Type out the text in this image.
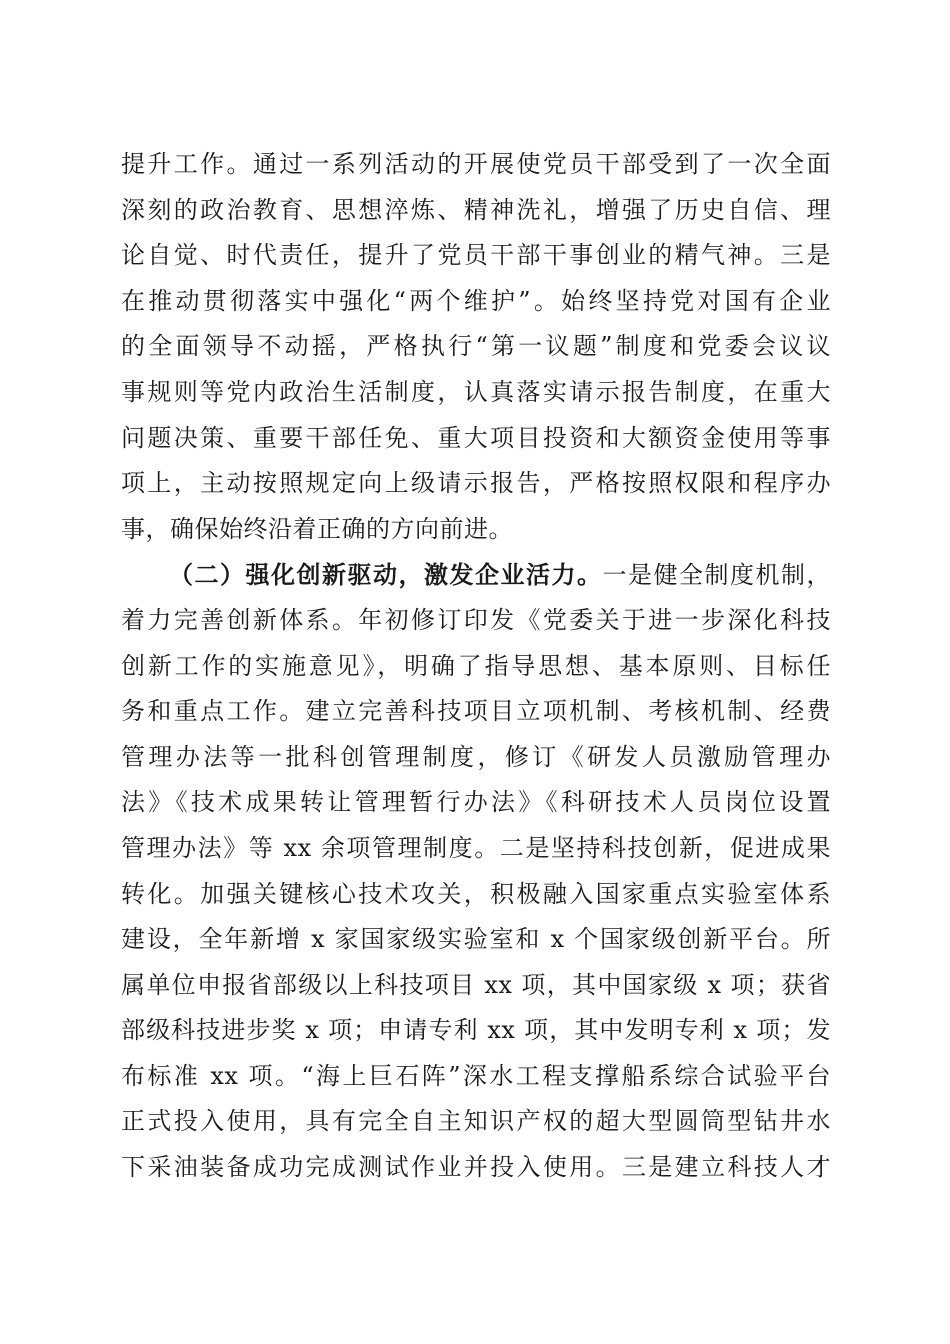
提升工作。通过一系列活动的开展使党员干部受到了一次全面
深刻的政治教育、思想淬炼、精神洗礼，增强了历史自信、理
论自觉、时代责任，提升了党员干部干事创业的精气神。三是
在推动贯彻落实中强化“两个维护”。始终坚持党对国有企业
的全面领导不动摇，严格执行“第一议题”制度和党委会议议
事规则等党内政治生活制度，认真落实请示报告制度，在重大
问题决策、重要干部任免、重大项目投资和大额资金使用等事
项上，主动按照规定向上级请示报告，严格按照权限和程序办
事，确保始终沿着正确的方向前进。
（二）强化创新驱动，激发企业活力。一是健全制度机制，
着力完善创新体系。年初修订印发《党委关于进一步深化科技
创新工作的实施意见》，明确了指导思想、基本原则、目标任
务和重点工作。建立完善科技项目立项机制、考核机制、经费
管理办法等一批科创管理制度，修订《研发人员激励管理办
法》《技术成果转让管理暂行办法》《科研技术人员岗位设置
管理办法》等 xx 余项管理制度。二是坚持科技创新，促进成果
转化。加强关键核心技术攻关，积极融入国家重点实验室体系
建设，全年新增 x 家国家级实验室和 x 个国家级创新平台。所
属单位申报省部级以上科技项目 xx 项，其中国家级 x 项；获省
部级科技进步奖 x 项；申请专利 xx 项，其中发明专利 x 项；发
布标准 xx 项。“海上巨石阵”深水工程支撑船系综合试验平台
正式投入使用，具有完全自主知识产权的超大型圆筒型钻井水
下采油装备成功完成测试作业并投入使用。三是建立科技人才
